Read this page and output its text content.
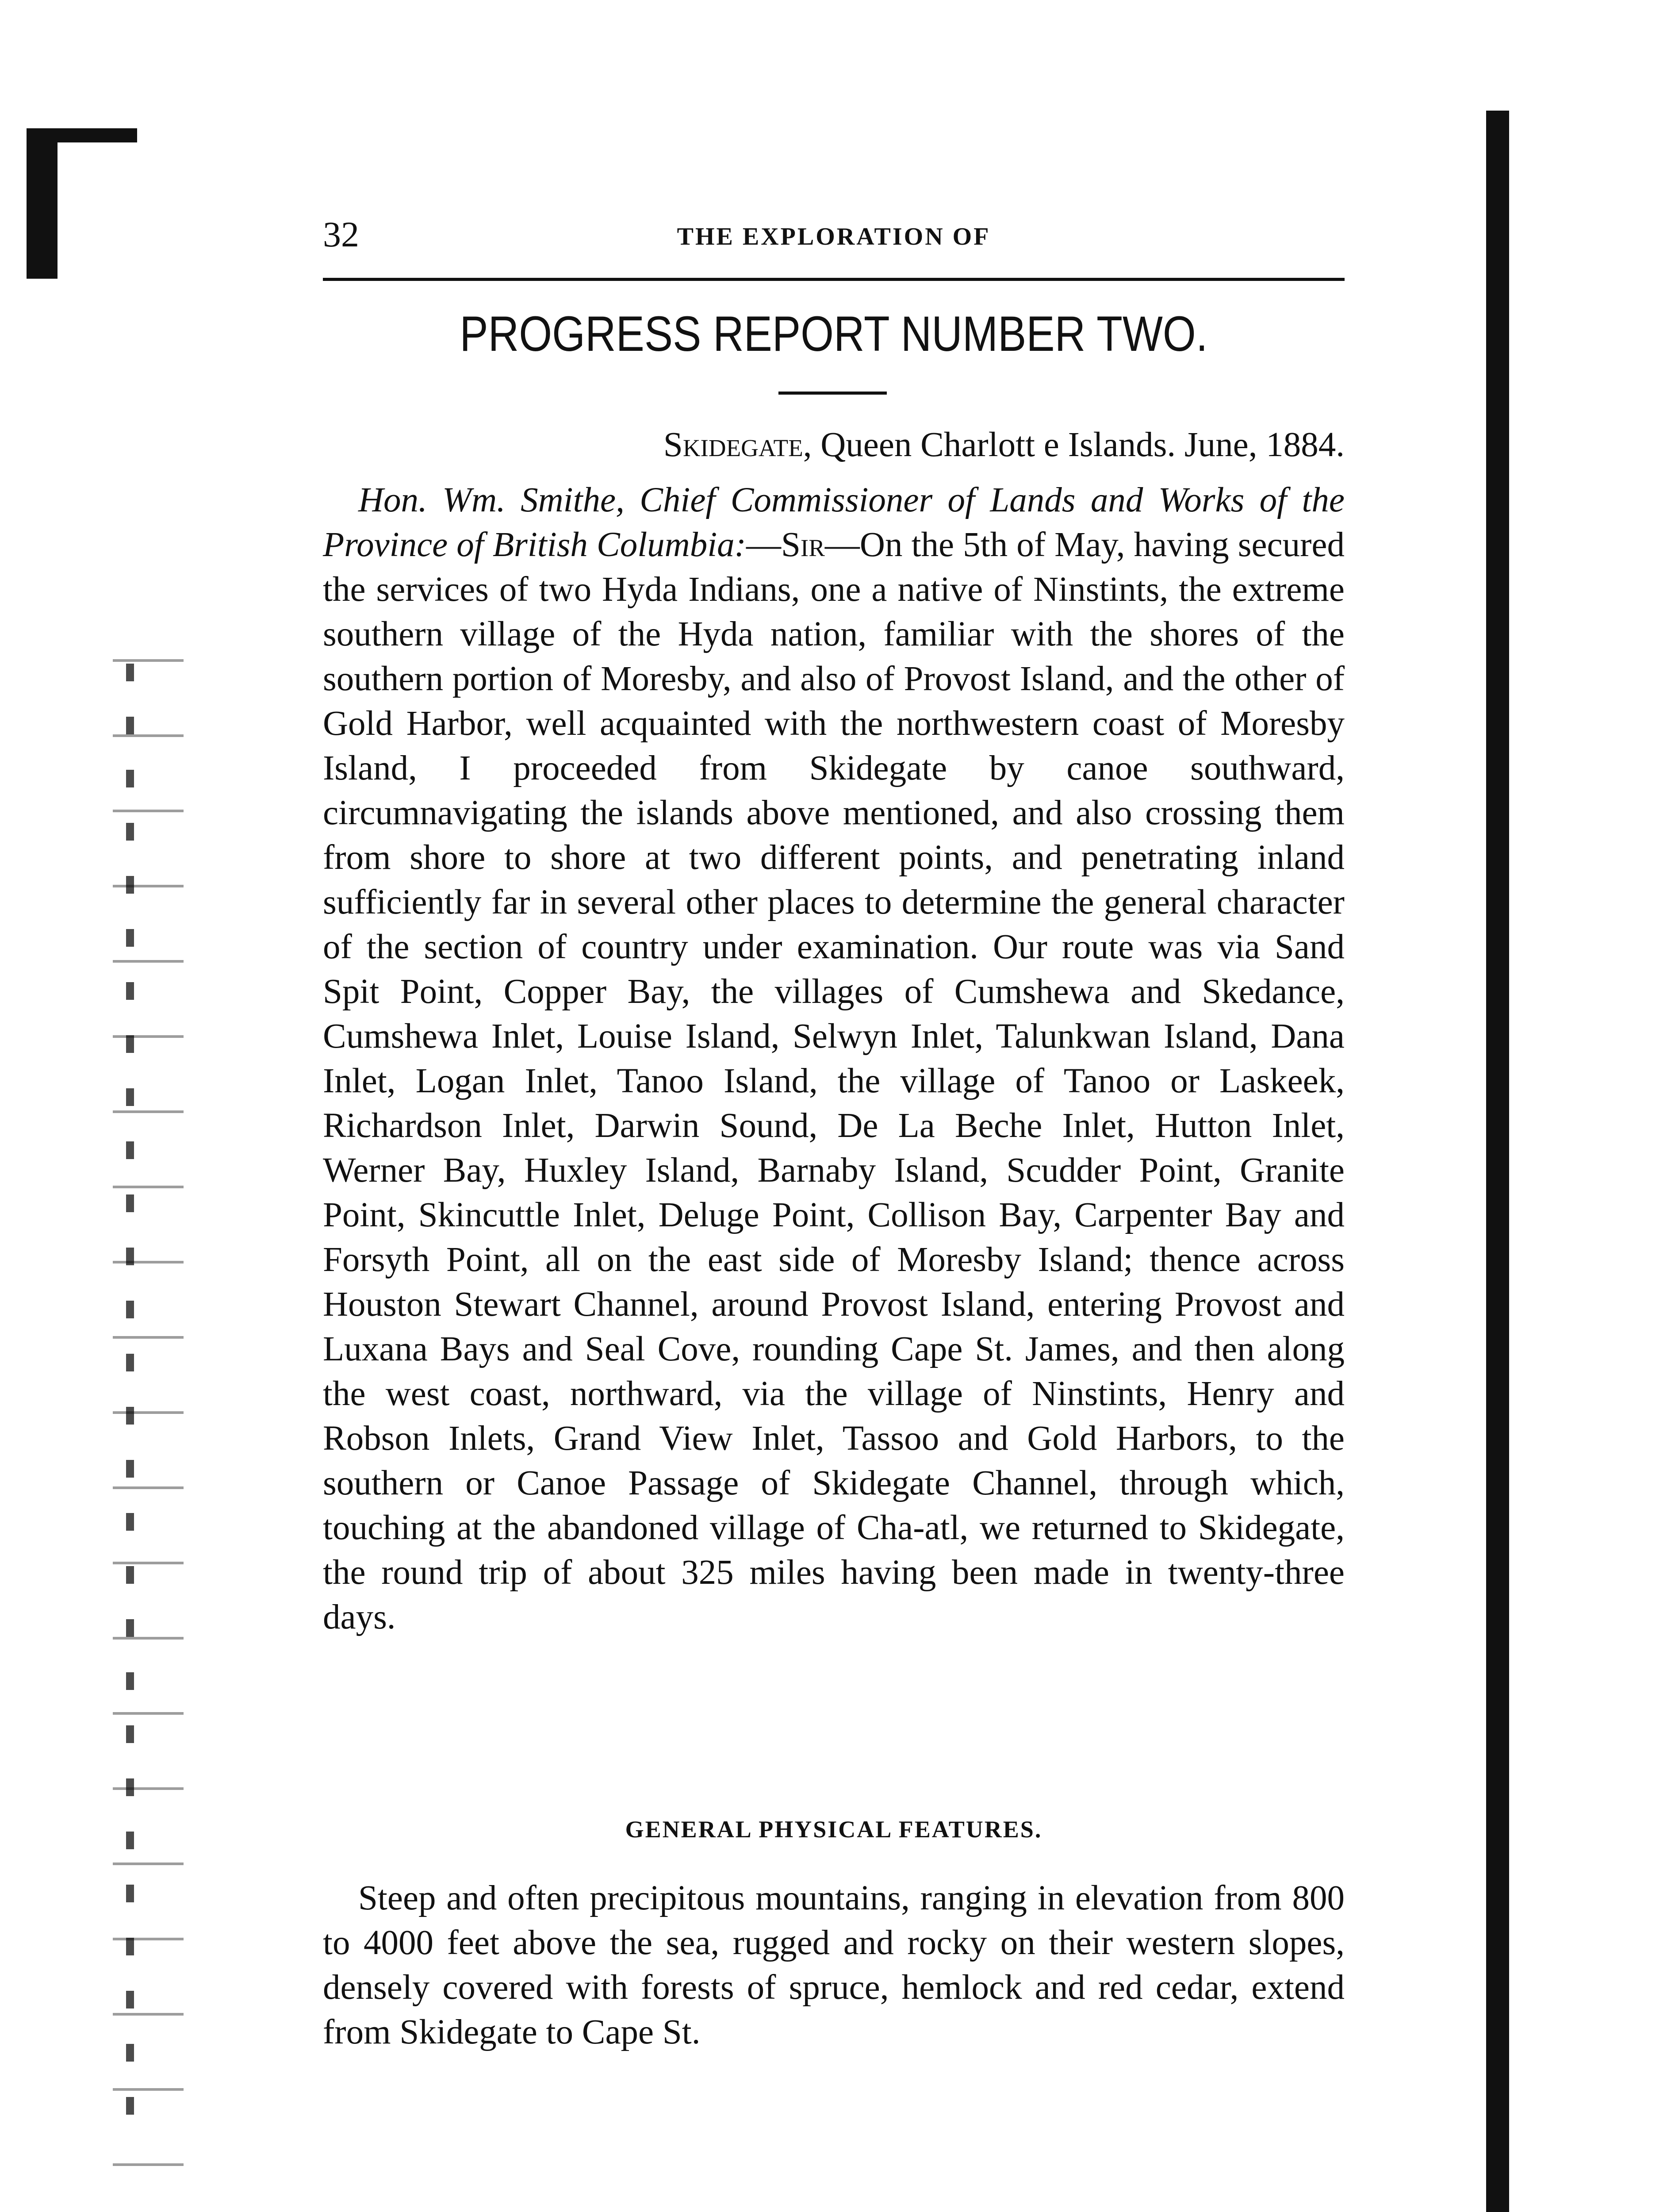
32	THE EXPLORATION OF
PROGRESS REPORT NUMBER TWO.
Skidegate, Queen Charlott e Islands. June, 1884.
Hon. Wm. Smithe, Chief Commissioner of Lands and Works of the Province of British Columbia:—Sir—On the 5th of May, having secured the services of two Hyda Indians, one a native of Ninstints, the extreme southern village of the Hyda nation, familiar with the shores of the southern portion of Moresby, and also of Provost Island, and the other of Gold Harbor, well acquainted with the northwestern coast of Moresby Island, I proceeded from Skidegate by canoe southward, circumnavigating the islands above mentioned, and also crossing them from shore to shore at two different points, and penetrating inland sufficiently far in several other places to determine the general character of the section of country under examination. Our route was via Sand Spit Point, Copper Bay, the villages of Cumshewa and Skedance, Cumshewa Inlet, Louise Island, Selwyn Inlet, Talunkwan Island, Dana Inlet, Logan Inlet, Tanoo Island, the village of Tanoo or Laskeek, Richardson Inlet, Darwin Sound, De La Beche Inlet, Hutton Inlet, Werner Bay, Huxley Island, Barnaby Island, Scudder Point, Granite Point, Skincuttle Inlet, Deluge Point, Collison Bay, Carpenter Bay and Forsyth Point, all on the east side of Moresby Island; thence across Houston Stewart Channel, around Provost Island, entering Provost and Luxana Bays and Seal Cove, rounding Cape St. James, and then along the west coast, northward, via the village of Ninstints, Henry and Robson Inlets, Grand View Inlet, Tassoo and Gold Harbors, to the southern or Canoe Passage of Skidegate Channel, through which, touching at the abandoned village of Cha-atl, we returned to Skidegate, the round trip of about 325 miles having been made in twenty-three days.
GENERAL PHYSICAL FEATURES.
Steep and often precipitous mountains, ranging in elevation from 800 to 4000 feet above the sea, rugged and rocky on their western slopes, densely covered with forests of spruce, hemlock and red cedar, extend from Skidegate to Cape St.
